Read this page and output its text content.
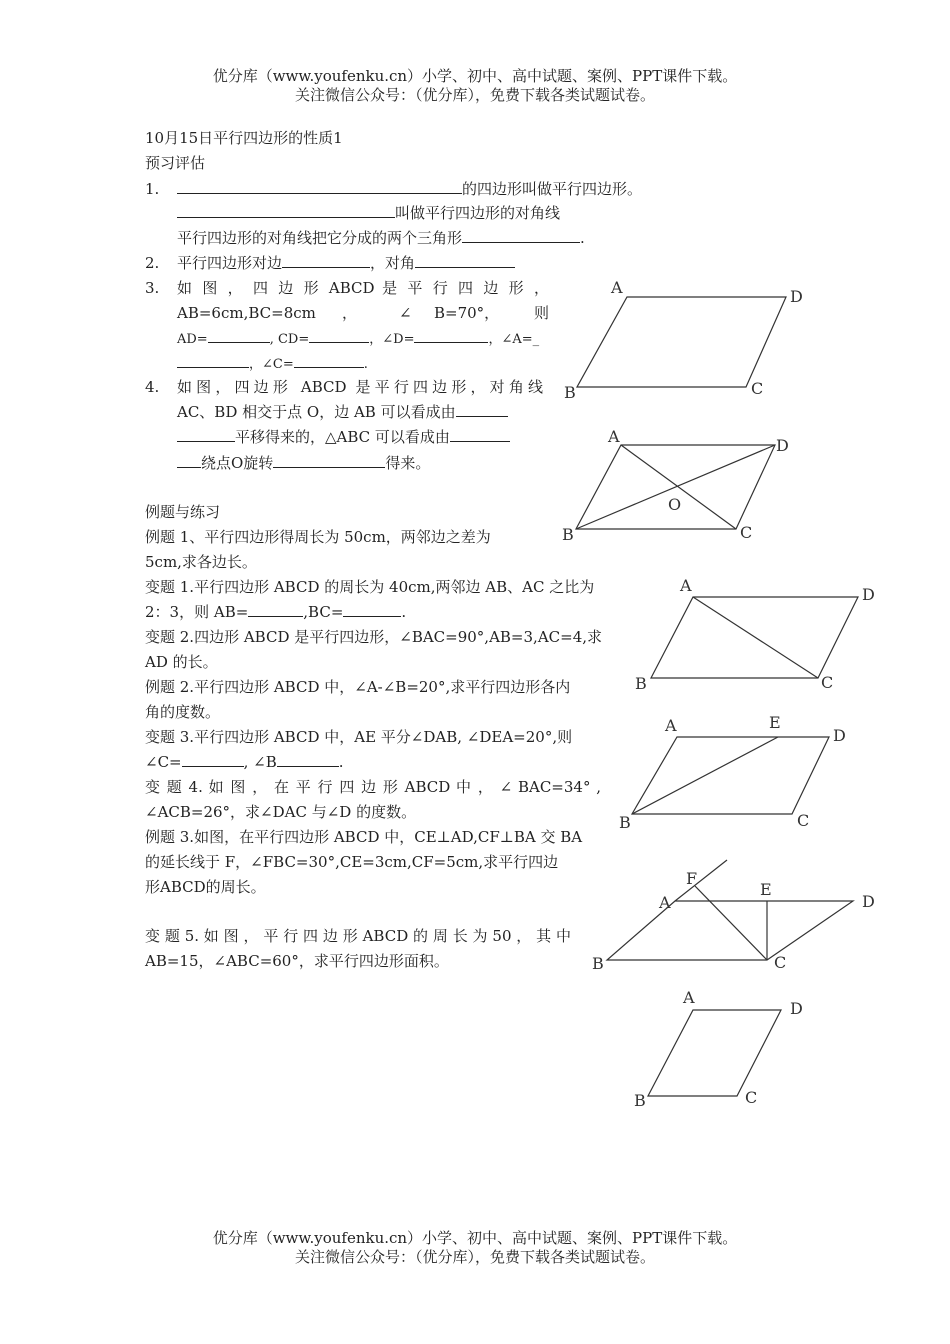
优分库（www.youfenku.cn）小学、初中、高中试题、案例、PPT课件下载。
关注微信公众号：（优分库），免费下载各类试题试卷。
10月15日平行四边形的性质1
预习评估
1.	的四边形叫做平行四边形。
叫做平行四边形的对角线
平行四边形的对角线把它分成的两个三角形	.
2. 平行四边形对边	，对角
3. 如 图 ， 四 边 形 ABCD 是 平 行 四 边 形 ，
AB=6cm,BC=8cm ，	∠ B=70°， 则
AD=	, CD=	，∠D=	，∠A=_
，∠C=	.
4. 如图，四边形 ABCD 是平行四边形，对角线
AC、BD 相交于点 O，边 AB 可以看成由
平移得来的，△ABC 可以看成由
绕点O旋转	得来。
例题与练习
例题 1、平行四边形得周长为 50cm，两邻边之差为
5cm,求各边长。
变题 1.平行四边形 ABCD 的周长为 40cm,两邻边 AB、AC 之比为
2：3，则 AB=	,BC=	.
变题 2.四边形 ABCD 是平行四边形，∠BAC=90°,AB=3,AC=4,求
AD 的长。
例题 2.平行四边形 ABCD 中，∠A-∠B=20°,求平行四边形各内
角的度数。
变题 3.平行四边形 ABCD 中，AE 平分∠DAB, ∠DEA=20°,则
∠C=	, ∠B	.
变 题 4. 如 图 ， 在 平 行 四 边 形 ABCD 中 ， ∠ BAC=34° ,
∠ACB=26°，求∠DAC 与∠D 的度数。
例题 3.如图，在平行四边形 ABCD 中，CE⊥AD,CF⊥BA 交 BA
的延长线于 F，∠FBC=30°,CE=3cm,CF=5cm,求平行四边
形ABCD的周长。
变 题 5. 如 图 ， 平 行 四 边 形 ABCD 的 周 长 为 50 ， 其 中
AB=15，∠ABC=60°，求平行四边形面积。
A	D
B	C
A	D
B	C
O
A	D
B	C
A	E
D
B	C
A
F
E
D
B	C
A
D
B	C
优分库（www.youfenku.cn）小学、初中、高中试题、案例、PPT课件下载。
关注微信公众号：（优分库），免费下载各类试题试卷。
